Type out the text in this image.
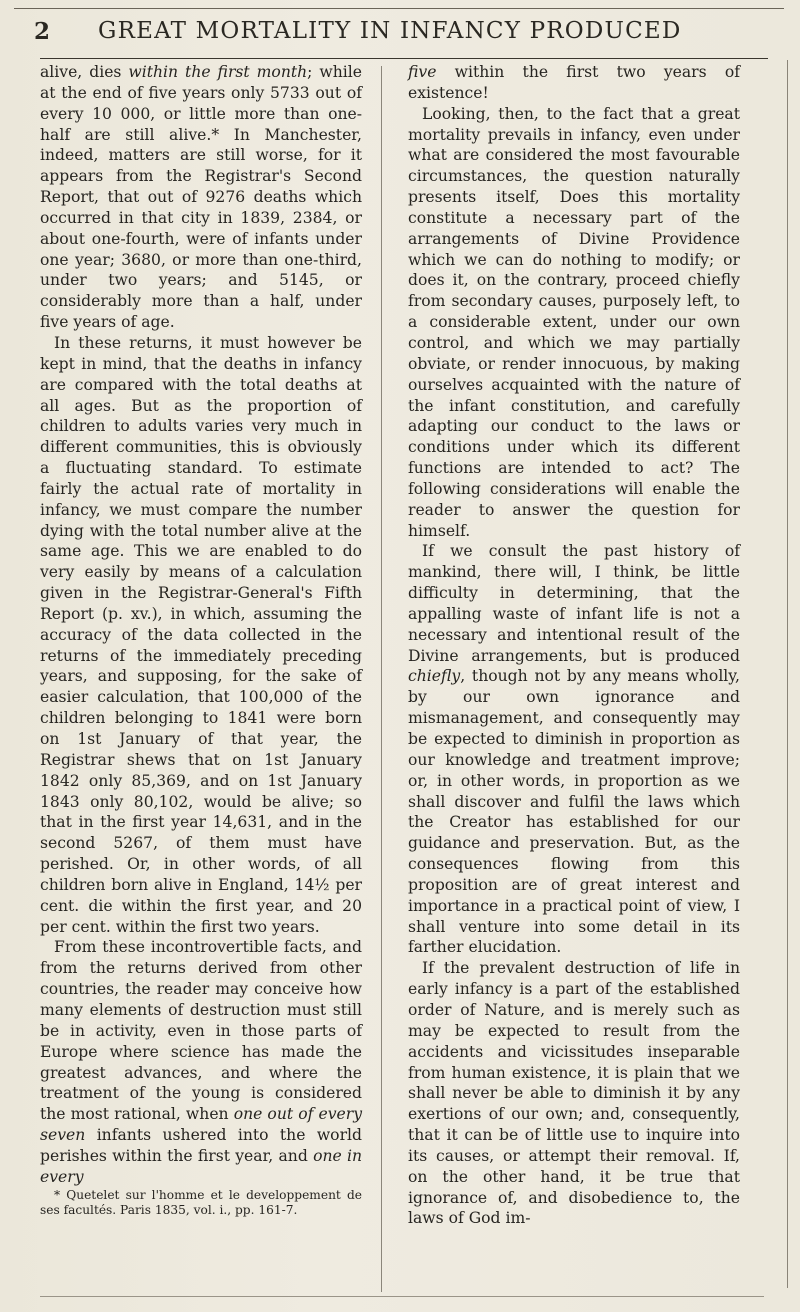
2 GREAT MORTALITY IN INFANCY PRODUCED

alive, dies within the first month; while at the end of five years only 5733 out of every 10 000, or little more than one-half are still alive.* In Manchester, indeed, matters are still worse, for it appears from the Registrar's Second Report, that out of 9276 deaths which occurred in that city in 1839, 2384, or about one-fourth, were of infants under one year; 3680, or more than one-third, under two years; and 5145, or considerably more than a half, under five years of age.

In these returns, it must however be kept in mind, that the deaths in infancy are compared with the total deaths at all ages. But as the proportion of children to adults varies very much in different communities, this is obviously a fluctuating standard. To estimate fairly the actual rate of mortality in infancy, we must compare the number dying with the total number alive at the same age. This we are enabled to do very easily by means of a calculation given in the Registrar-General's Fifth Report (p. xv.), in which, assuming the accuracy of the data collected in the returns of the immediately preceding years, and supposing, for the sake of easier calculation, that 100,000 of the children belonging to 1841 were born on 1st January of that year, the Registrar shews that on 1st January 1842 only 85,369, and on 1st January 1843 only 80,102, would be alive; so that in the first year 14,631, and in the second 5267, of them must have perished. Or, in other words, of all children born alive in England, 14½ per cent. die within the first year, and 20 per cent. within the first two years.

From these incontrovertible facts, and from the returns derived from other countries, the reader may conceive how many elements of destruction must still be in activity, even in those parts of Europe where science has made the greatest advances, and where the treatment of the young is considered the most rational, when one out of every seven infants ushered into the world perishes within the first year, and one in every

* Quetelet sur l'homme et le developpement de ses facultés. Paris 1835, vol. i., pp. 161-7.

five within the first two years of existence!

Looking, then, to the fact that a great mortality prevails in infancy, even under what are considered the most favourable circumstances, the question naturally presents itself, Does this mortality constitute a necessary part of the arrangements of Divine Providence which we can do nothing to modify; or does it, on the contrary, proceed chiefly from secondary causes, purposely left, to a considerable extent, under our own control, and which we may partially obviate, or render innocuous, by making ourselves acquainted with the nature of the infant constitution, and carefully adapting our conduct to the laws or conditions under which its different functions are intended to act? The following considerations will enable the reader to answer the question for himself.

If we consult the past history of mankind, there will, I think, be little difficulty in determining, that the appalling waste of infant life is not a necessary and intentional result of the Divine arrangements, but is produced chiefly, though not by any means wholly, by our own ignorance and mismanagement, and consequently may be expected to diminish in proportion as our knowledge and treatment improve; or, in other words, in proportion as we shall discover and fulfil the laws which the Creator has established for our guidance and preservation. But, as the consequences flowing from this proposition are of great interest and importance in a practical point of view, I shall venture into some detail in its farther elucidation.

If the prevalent destruction of life in early infancy is a part of the established order of Nature, and is merely such as may be expected to result from the accidents and vicissitudes inseparable from human existence, it is plain that we shall never be able to diminish it by any exertions of our own; and, consequently, that it can be of little use to inquire into its causes, or attempt their removal. If, on the other hand, it be true that ignorance of, and disobedience to, the laws of God im-
